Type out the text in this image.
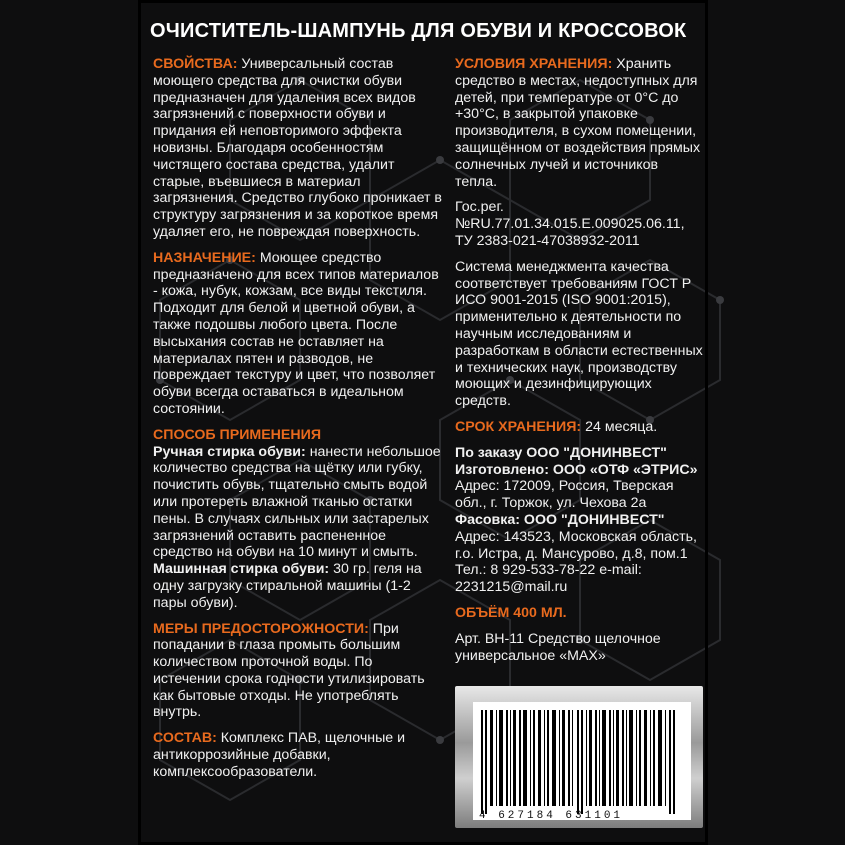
ОЧИСТИТЕЛЬ-ШАМПУНЬ ДЛЯ ОБУВИ И КРОССОВОК

СВОЙСТВА: Универсальный состав моющего средства для очистки обуви предназначен для удаления всех видов загрязнений с поверхности обуви и придания ей неповторимого эффекта новизны. Благодаря особенностям чистящего состава средства, удалит старые, въевшиеся в материал загрязнения. Средство глубоко проникает в структуру загрязнения и за короткое время удаляет его, не повреждая поверхность.

НАЗНАЧЕНИЕ: Моющее средство предназначено для всех типов материалов - кожа, нубук, кожзам, все виды текстиля. Подходит для белой и цветной обуви, а также подошвы любого цвета. После высыхания состав не оставляет на материалах пятен и разводов, не повреждает текстуру и цвет, что позволяет обуви всегда оставаться в идеальном состоянии.

СПОСОБ ПРИМЕНЕНИЯ

Ручная стирка обуви: нанести небольшое количество средства на щётку или губку, почистить обувь, тщательно смыть водой или протереть влажной тканью остатки пены. В случаях сильных или застарелых загрязнений оставить распененное средство на обуви на 10 минут и смыть.

Машинная стирка обуви: 30 гр. геля на одну загрузку стиральной машины (1-2 пары обуви).

МЕРЫ ПРЕДОСТОРОЖНОСТИ: При попадании в глаза промыть большим количеством проточной воды. По истечении срока годности утилизировать как бытовые отходы. Не употреблять внутрь.

СОСТАВ: Комплекс ПАВ, щелочные и антикоррозийные добавки, комплексообразователи.

УСЛОВИЯ ХРАНЕНИЯ: Хранить средство в местах, недоступных для детей, при температуре от 0°C до +30°C, в закрытой упаковке производителя, в сухом помещении, защищённом от воздействия прямых солнечных лучей и источников тепла.

Гос.рег.№RU.77.01.34.015.E.009025.06.11, ТУ 2383-021-47038932-2011

Система менеджмента качества соответствует требованиям ГОСТ Р ИСО 9001-2015 (ISO 9001:2015), применительно к деятельности по научным исследованиям и разработкам в области естественных и технических наук, производству моющих и дезинфицирующих средств.

СРОК ХРАНЕНИЯ: 24 месяца.

По заказу ООО "ДОНИНВЕСТ"

Изготовлено: ООО «ОТФ «ЭТРИС»

Адрес: 172009, Россия, Тверская обл., г. Торжок, ул. Чехова 2а

Фасовка: ООО "ДОНИНВЕСТ"

Адрес: 143523, Московская область, г.о. Истра, д. Мансурово, д.8, пом.1 Тел.: 8 929-533-78-22 e-mail: 2231215@mail.ru

ОБЪЁМ 400 МЛ.

Арт. ВН-11 Средство щелочное универсальное «MAX»

4 627184 631101
